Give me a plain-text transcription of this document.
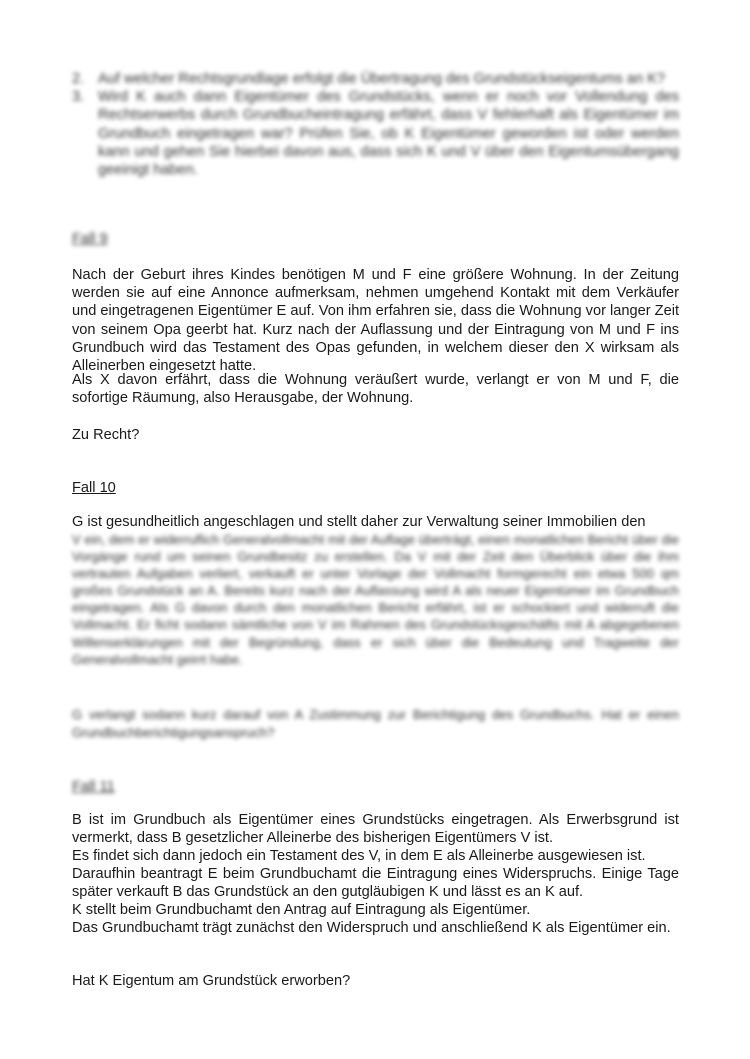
2. Auf welcher Rechtsgrundlage erfolgt die Übertragung des Grundstückseigentums an K?
3. Wird K auch dann Eigentümer des Grundstücks, wenn er noch vor Vollendung des Rechtserwerbs durch Grundbucheintragung erfährt, dass V fehlerhaft als Eigentümer im Grundbuch eingetragen war? Prüfen Sie, ob K Eigentümer geworden ist oder werden kann und gehen Sie hierbei davon aus, dass sich K und V über den Eigentumsübergang geeinigt haben.
Fall 9
Nach der Geburt ihres Kindes benötigen M und F eine größere Wohnung. In der Zeitung werden sie auf eine Annonce aufmerksam, nehmen umgehend Kontakt mit dem Verkäufer und eingetragenen Eigentümer E auf. Von ihm erfahren sie, dass die Wohnung vor langer Zeit von seinem Opa geerbt hat. Kurz nach der Auflassung und der Eintragung von M und F ins Grundbuch wird das Testament des Opas gefunden, in welchem dieser den X wirksam als Alleinerben eingesetzt hatte.
Als X davon erfährt, dass die Wohnung veräußert wurde, verlangt er von M und F, die sofortige Räumung, also Herausgabe, der Wohnung.
Zu Recht?
Fall 10
G ist gesundheitlich angeschlagen und stellt daher zur Verwaltung seiner Immobilien den
V ein, dem er widerruflich Generalvollmacht mit der Auflage überträgt, einen monatlichen Bericht über die Vorgänge rund um seinen Grundbesitz zu erstellen. Da V mit der Zeit den Überblick über die ihm vertrauten Aufgaben verliert, verkauft er unter Vorlage der Vollmacht formgerecht ein etwa 500 qm großes Grundstück an A. Bereits kurz nach der Auflassung wird A als neuer Eigentümer im Grundbuch eingetragen. Als G davon durch den monatlichen Bericht erfährt, ist er schockiert und widerruft die Vollmacht. Er ficht sodann sämtliche von V im Rahmen des Grundstücksgeschäfts mit A abgegebenen Willenserklärungen mit der Begründung, dass er sich über die Bedeutung und Tragweite der Generalvollmacht geirrt habe.
G verlangt sodann kurz darauf von A Zustimmung zur Berichtigung des Grundbuchs. Hat er einen Grundbuchberichtigungsanspruch?
Fall 11
B ist im Grundbuch als Eigentümer eines Grundstücks eingetragen. Als Erwerbsgrund ist vermerkt, dass B gesetzlicher Alleinerbe des bisherigen Eigentümers V ist.
Es findet sich dann jedoch ein Testament des V, in dem E als Alleinerbe ausgewiesen ist.
Daraufhin beantragt E beim Grundbuchamt die Eintragung eines Widerspruchs. Einige Tage später verkauft B das Grundstück an den gutgläubigen K und lässt es an K auf.
K stellt beim Grundbuchamt den Antrag auf Eintragung als Eigentümer.
Das Grundbuchamt trägt zunächst den Widerspruch und anschließend K als Eigentümer ein.
Hat K Eigentum am Grundstück erworben?
